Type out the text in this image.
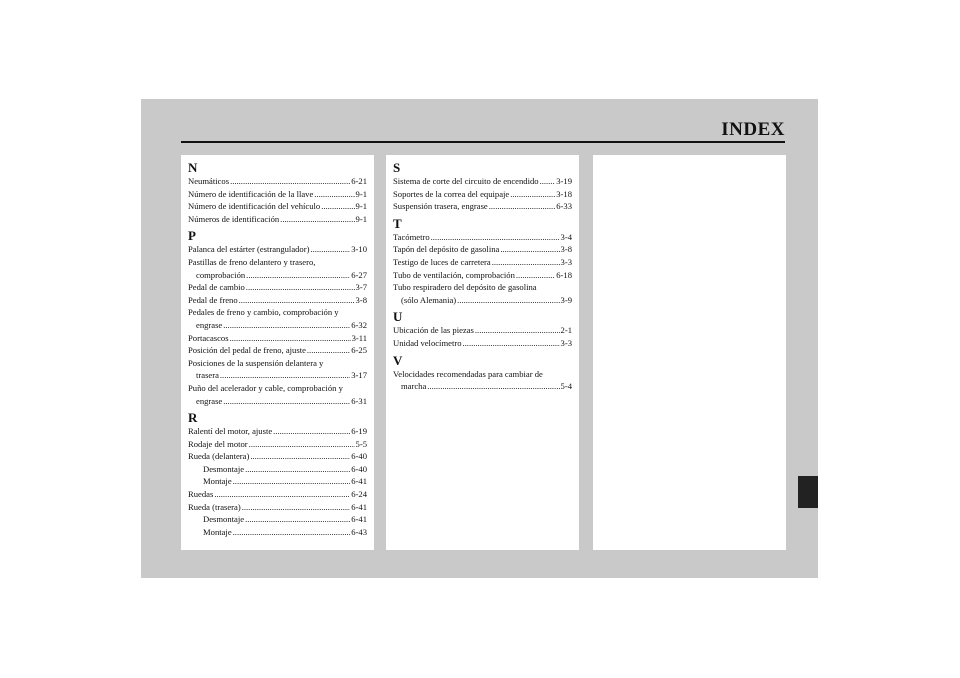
INDEX
N
Neumáticos .....	6-21
Número de identificación de la llave .....	9-1
Número de identificación del vehículo .....	9-1
Números de identificación .....	9-1
P
Palanca del estárter (estrangulador) .....	3-10
Pastillas de freno delantero y trasero,
comprobación .....	6-27
Pedal de cambio .....	3-7
Pedal de freno .....	3-8
Pedales de freno y cambio, comprobación y
engrase .....	6-32
Portacascos .....	3-11
Posición del pedal de freno, ajuste .....	6-25
Posiciones de la suspensión delantera y
trasera .....	3-17
Puño del acelerador y cable, comprobación y
engrase .....	6-31
R
Ralentí del motor, ajuste .....	6-19
Rodaje del motor .....	5-5
Rueda (delantera) .....	6-40
Desmontaje .....	6-40
Montaje .....	6-41
Ruedas .....	6-24
Rueda (trasera) .....	6-41
Desmontaje .....	6-41
Montaje .....	6-43
S
Sistema de corte del circuito de encendido ..... 3-19
Soportes de la correa del equipaje .....	3-18
Suspensión trasera, engrase .....	6-33
T
Tacómetro .....	3-4
Tapón del depósito de gasolina .....	3-8
Testigo de luces de carretera .....	3-3
Tubo de ventilación, comprobación .....	6-18
Tubo respiradero del depósito de gasolina
(sólo Alemania) .....	3-9
U
Ubicación de las piezas .....	2-1
Unidad velocímetro .....	3-3
V
Velocidades recomendadas para cambiar de
marcha .....	5-4
